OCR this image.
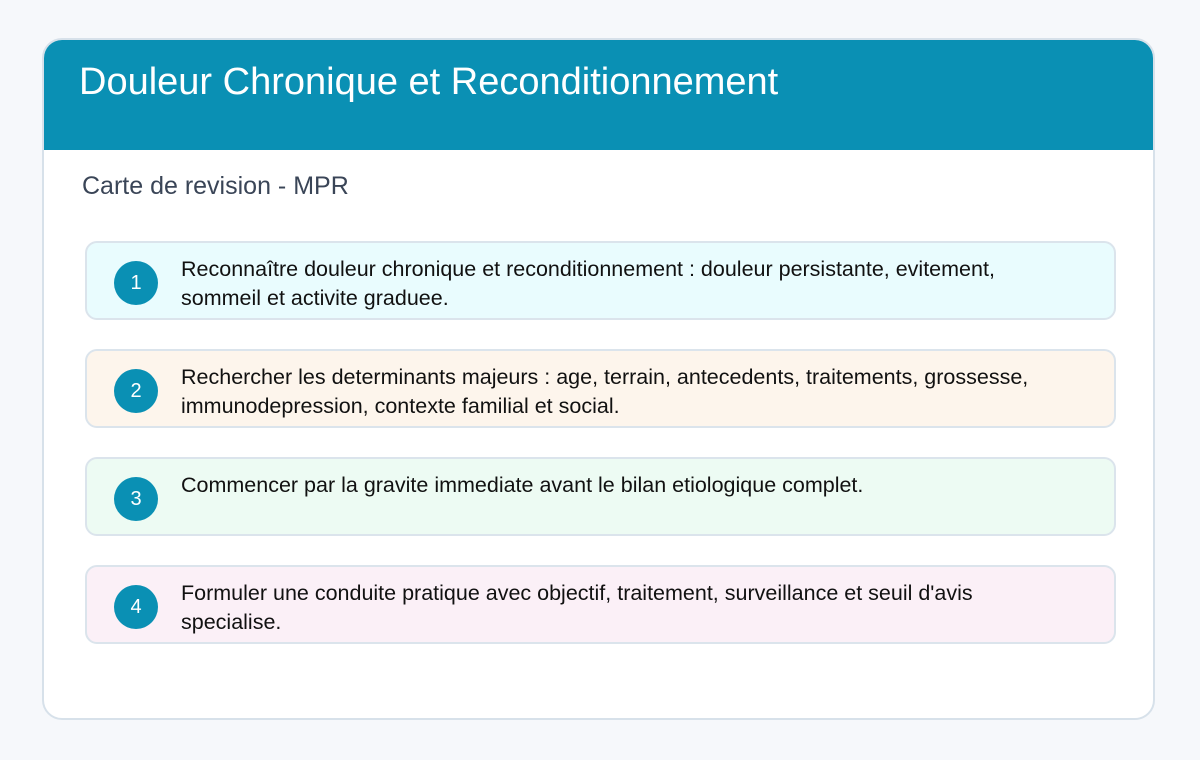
Douleur Chronique et Reconditionnement
Carte de revision - MPR
1
Reconnaître douleur chronique et reconditionnement : douleur persistante, evitement, sommeil et activite graduee.
2
Rechercher les determinants majeurs : age, terrain, antecedents, traitements, grossesse, immunodepression, contexte familial et social.
3
Commencer par la gravite immediate avant le bilan etiologique complet.
4
Formuler une conduite pratique avec objectif, traitement, surveillance et seuil d'avis specialise.
